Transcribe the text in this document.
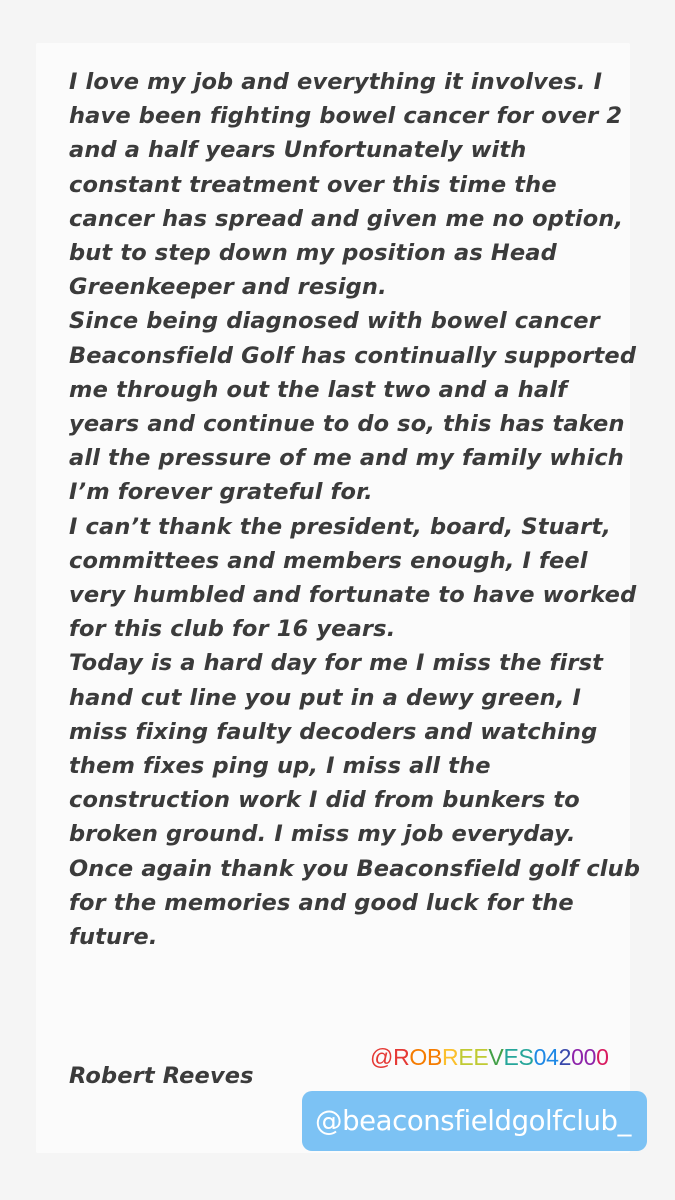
I love my job and everything it involves. I have been fighting bowel cancer for over 2 and a half years Unfortunately with constant treatment over this time the cancer has spread and given me no option, but to step down my position as Head Greenkeeper and resign.
Since being diagnosed with bowel cancer Beaconsfield Golf has continually supported me through out the last two and a half years and continue to do so, this has taken all the pressure of me and my family which I’m forever grateful for.
I can’t thank the president, board, Stuart, committees and members enough, I feel very humbled and fortunate to have worked for this club for 16 years.
Today is a hard day for me I miss the first hand cut line you put in a dewy green, I miss fixing faulty decoders and watching them fixes ping up, I miss all the construction work I did from bunkers to broken ground. I miss my job everyday.
Once again thank you Beaconsfield golf club for the memories and good luck for the future.
Robert Reeves
@ROBREEVES042000
@beaconsfieldgolfclub_
